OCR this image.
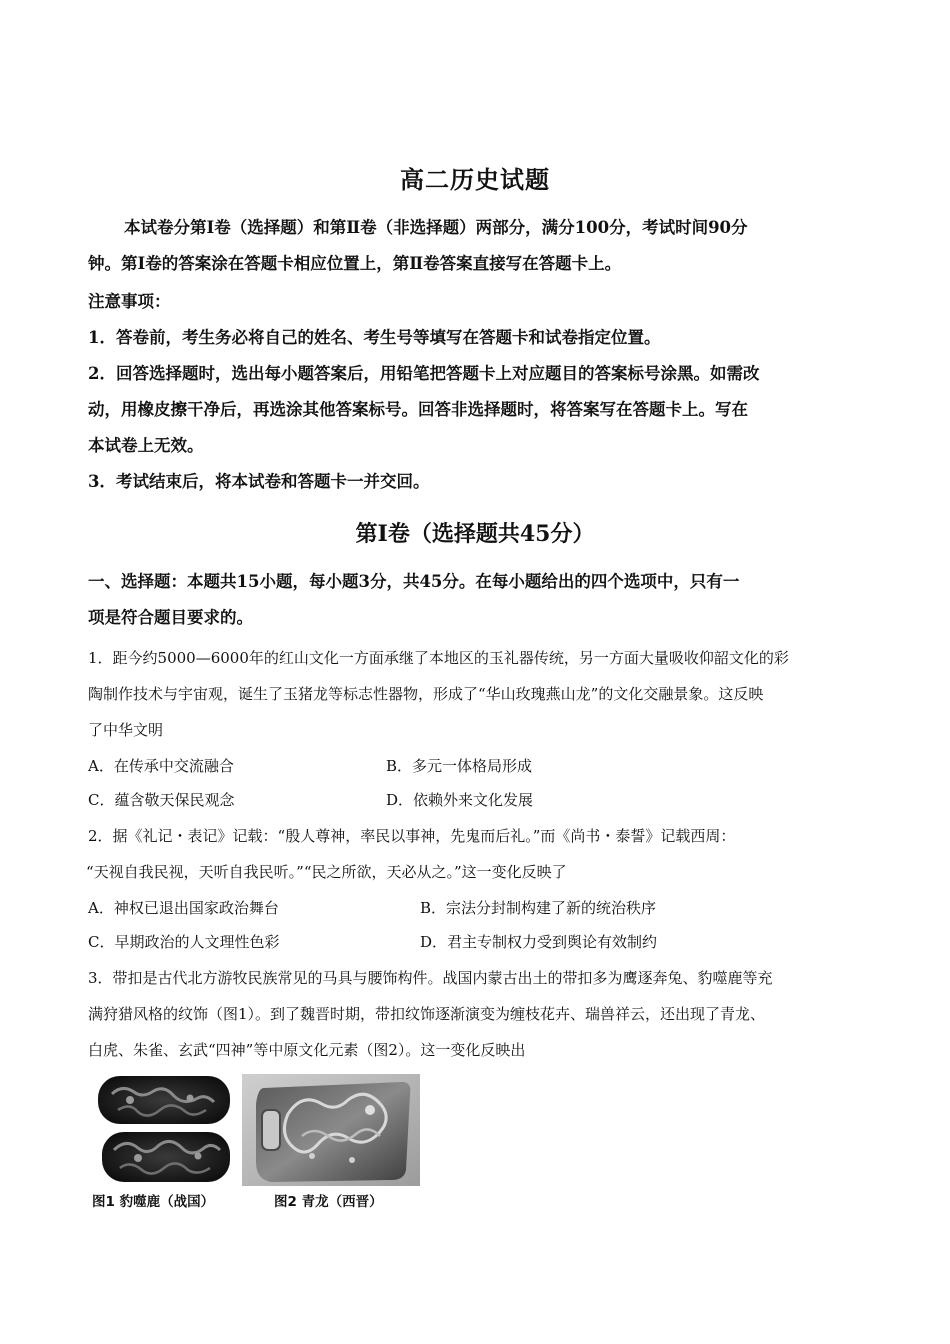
高二历史试题
本试卷分第Ⅰ卷（选择题）和第Ⅱ卷（非选择题）两部分，满分100分，考试时间90分
钟。第Ⅰ卷的答案涂在答题卡相应位置上，第Ⅱ卷答案直接写在答题卡上。
注意事项：
1．答卷前，考生务必将自己的姓名、考生号等填写在答题卡和试卷指定位置。
2．回答选择题时，选出每小题答案后，用铅笔把答题卡上对应题目的答案标号涂黑。如需改
动，用橡皮擦干净后，再选涂其他答案标号。回答非选择题时，将答案写在答题卡上。写在
本试卷上无效。
3．考试结束后，将本试卷和答题卡一并交回。
第Ⅰ卷（选择题共45分）
一、选择题：本题共15小题，每小题3分，共45分。在每小题给出的四个选项中，只有一
项是符合题目要求的。
1．距今约5000—6000年的红山文化一方面承继了本地区的玉礼器传统，另一方面大量吸收仰韶文化的彩
陶制作技术与宇宙观，诞生了玉猪龙等标志性器物，形成了“华山玫瑰燕山龙”的文化交融景象。这反映
了中华文明
A．在传承中交流融合	B．多元一体格局形成
C．蕴含敬天保民观念	D．依赖外来文化发展
2．据《礼记・表记》记载：“殷人尊神，率民以事神，先鬼而后礼。”而《尚书・泰誓》记载西周：
“天视自我民视，天听自我民听。”“民之所欲，天必从之。”这一变化反映了
A．神权已退出国家政治舞台	B．宗法分封制构建了新的统治秩序
C．早期政治的人文理性色彩	D．君主专制权力受到舆论有效制约
3．带扣是古代北方游牧民族常见的马具与腰饰构件。战国内蒙古出土的带扣多为鹰逐奔兔、豹噬鹿等充
满狩猎风格的纹饰（图1）。到了魏晋时期，带扣纹饰逐渐演变为缠枝花卉、瑞兽祥云，还出现了青龙、
白虎、朱雀、玄武“四神”等中原文化元素（图2）。这一变化反映出
图1 豹噬鹿（战国）	图2 青龙（西晋）
